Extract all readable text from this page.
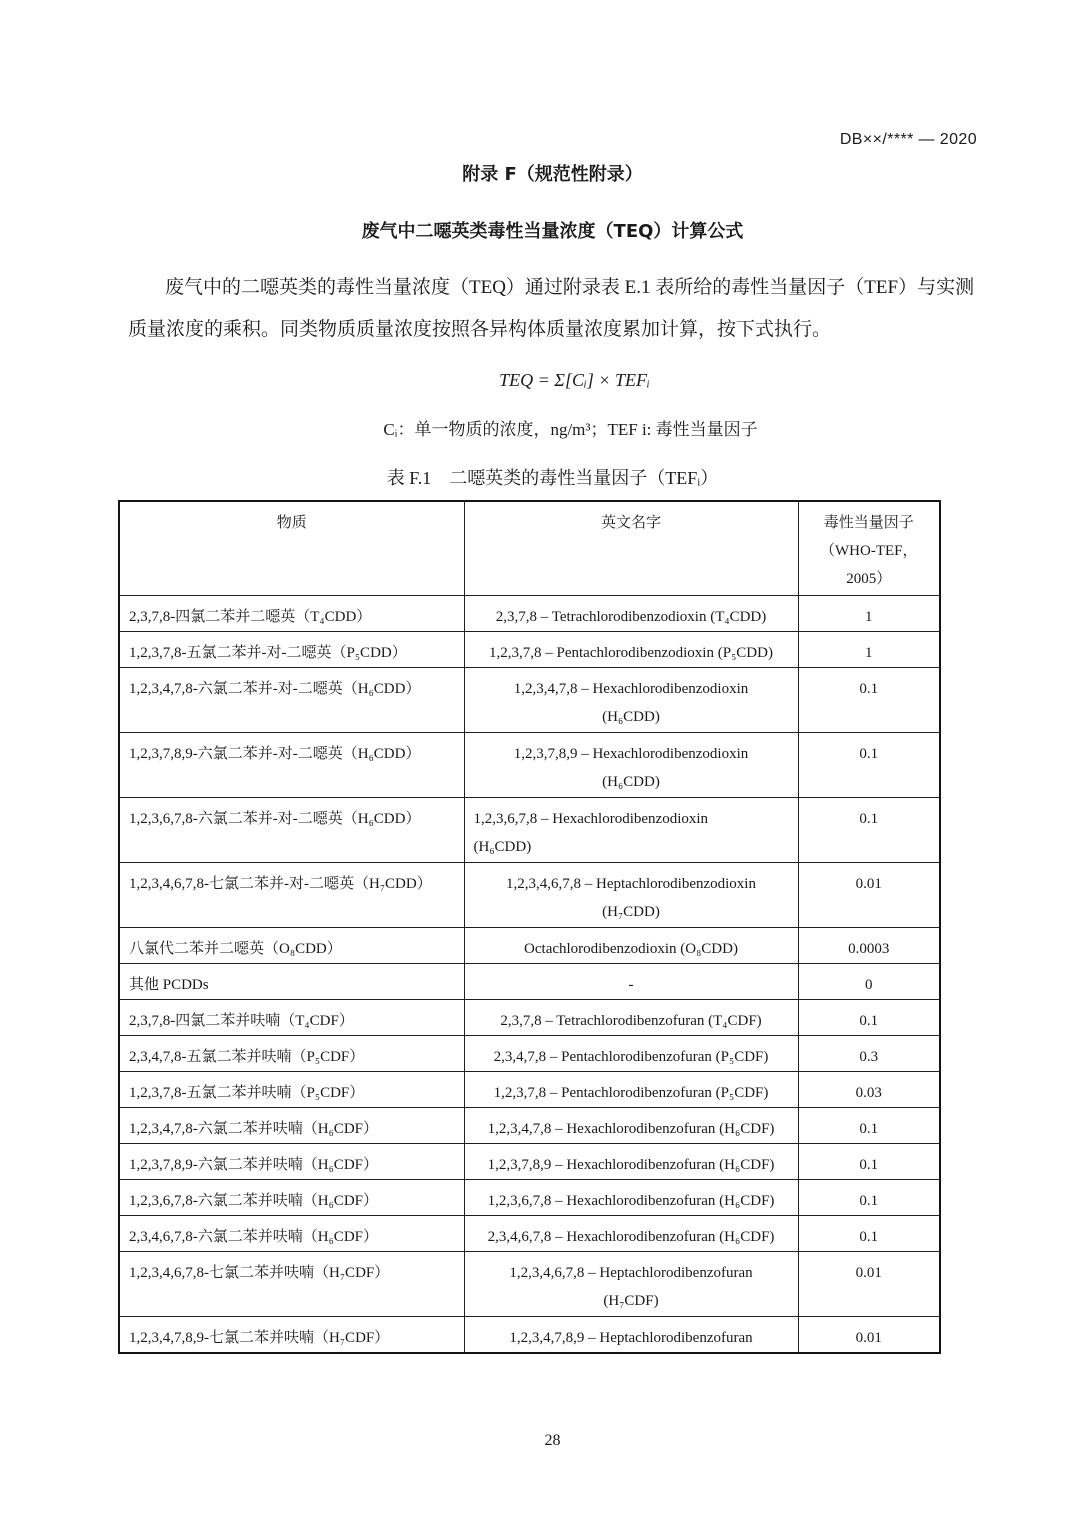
DB××/**** — 2020
附录 F（规范性附录）
废气中二噁英类毒性当量浓度（TEQ）计算公式
废气中的二噁英类的毒性当量浓度（TEQ）通过附录表 E.1 表所给的毒性当量因子（TEF）与实测
质量浓度的乘积。同类物质质量浓度按照各异构体质量浓度累加计算，按下式执行。
TEQ = Σ[Cᵢ] × TEFᵢ
Cᵢ：单一物质的浓度，ng/m³；TEF i: 毒性当量因子
表 F.1　二噁英类的毒性当量因子（TEFᵢ）
物质	英文名字	毒性当量因子
（WHO-TEF，
2005）

2,3,7,8-四氯二苯并二噁英（T₄CDD）	2,3,7,8 – Tetrachlorodibenzodioxin (T₄CDD)	1

1,2,3,7,8-五氯二苯并-对-二噁英（P₅CDD）	1,2,3,7,8 – Pentachlorodibenzodioxin (P₅CDD)	1

1,2,3,4,7,8-六氯二苯并-对-二噁英（H₆CDD）	1,2,3,4,7,8 – Hexachlorodibenzodioxin
(H₆CDD)	0.1

1,2,3,7,8,9-六氯二苯并-对-二噁英（H₆CDD）	1,2,3,7,8,9 – Hexachlorodibenzodioxin
(H₆CDD)	0.1

1,2,3,6,7,8-六氯二苯并-对-二噁英（H₆CDD）	1,2,3,6,7,8 – Hexachlorodibenzodioxin
(H₆CDD)	0.1

1,2,3,4,6,7,8-七氯二苯并-对-二噁英（H₇CDD）	1,2,3,4,6,7,8 – Heptachlorodibenzodioxin
(H₇CDD)	0.01

八氯代二苯并二噁英（O₈CDD）	Octachlorodibenzodioxin (O₈CDD)	0.0003

其他 PCDDs	-	0

2,3,7,8-四氯二苯并呋喃（T₄CDF）	2,3,7,8 – Tetrachlorodibenzofuran (T₄CDF)	0.1

2,3,4,7,8-五氯二苯并呋喃（P₅CDF）	2,3,4,7,8 – Pentachlorodibenzofuran (P₅CDF)	0.3

1,2,3,7,8-五氯二苯并呋喃（P₅CDF）	1,2,3,7,8 – Pentachlorodibenzofuran (P₅CDF)	0.03

1,2,3,4,7,8-六氯二苯并呋喃（H₆CDF）	1,2,3,4,7,8 – Hexachlorodibenzofuran (H₆CDF)	0.1

1,2,3,7,8,9-六氯二苯并呋喃（H₆CDF）	1,2,3,7,8,9 – Hexachlorodibenzofuran (H₆CDF)	0.1

1,2,3,6,7,8-六氯二苯并呋喃（H₆CDF）	1,2,3,6,7,8 – Hexachlorodibenzofuran (H₆CDF)	0.1

2,3,4,6,7,8-六氯二苯并呋喃（H₆CDF）	2,3,4,6,7,8 – Hexachlorodibenzofuran (H₆CDF)	0.1

1,2,3,4,6,7,8-七氯二苯并呋喃（H₇CDF）	1,2,3,4,6,7,8 – Heptachlorodibenzofuran
(H₇CDF)	0.01

1,2,3,4,7,8,9-七氯二苯并呋喃（H₇CDF）	1,2,3,4,7,8,9 – Heptachlorodibenzofuran	0.01
28
